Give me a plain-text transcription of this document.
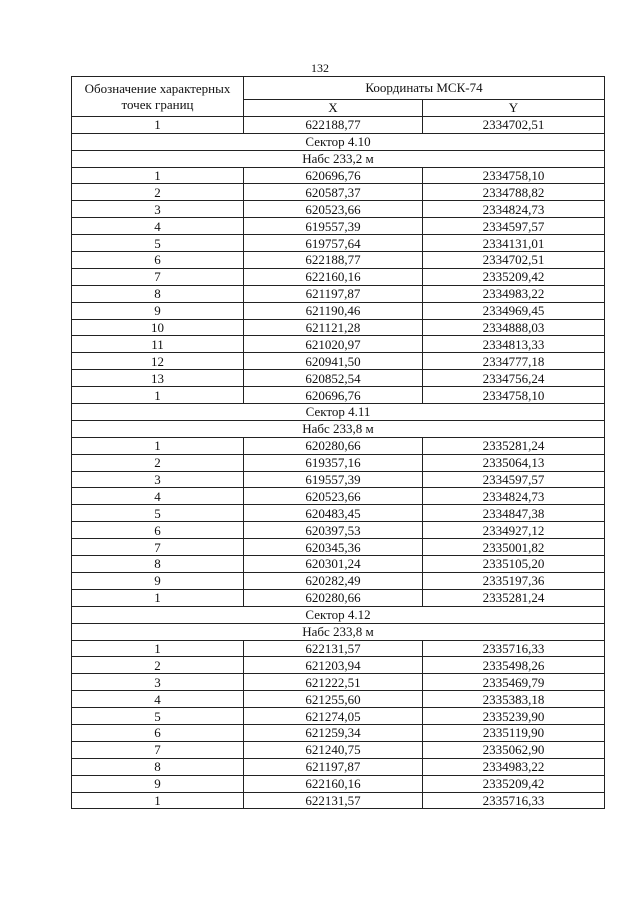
132
Обозначение характерных точек границ	Координаты МСК-74	
	X	Y
1	622188,77	2334702,51
Сектор 4.10		
Набс 233,2 м		
1	620696,76	2334758,10
2	620587,37	2334788,82
3	620523,66	2334824,73
4	619557,39	2334597,57
5	619757,64	2334131,01
6	622188,77	2334702,51
7	622160,16	2335209,42
8	621197,87	2334983,22
9	621190,46	2334969,45
10	621121,28	2334888,03
11	621020,97	2334813,33
12	620941,50	2334777,18
13	620852,54	2334756,24
1	620696,76	2334758,10
Сектор 4.11		
Набс 233,8 м		
1	620280,66	2335281,24
2	619357,16	2335064,13
3	619557,39	2334597,57
4	620523,66	2334824,73
5	620483,45	2334847,38
6	620397,53	2334927,12
7	620345,36	2335001,82
8	620301,24	2335105,20
9	620282,49	2335197,36
1	620280,66	2335281,24
Сектор 4.12		
Набс 233,8 м		
1	622131,57	2335716,33
2	621203,94	2335498,26
3	621222,51	2335469,79
4	621255,60	2335383,18
5	621274,05	2335239,90
6	621259,34	2335119,90
7	621240,75	2335062,90
8	621197,87	2334983,22
9	622160,16	2335209,42
1	622131,57	2335716,33
